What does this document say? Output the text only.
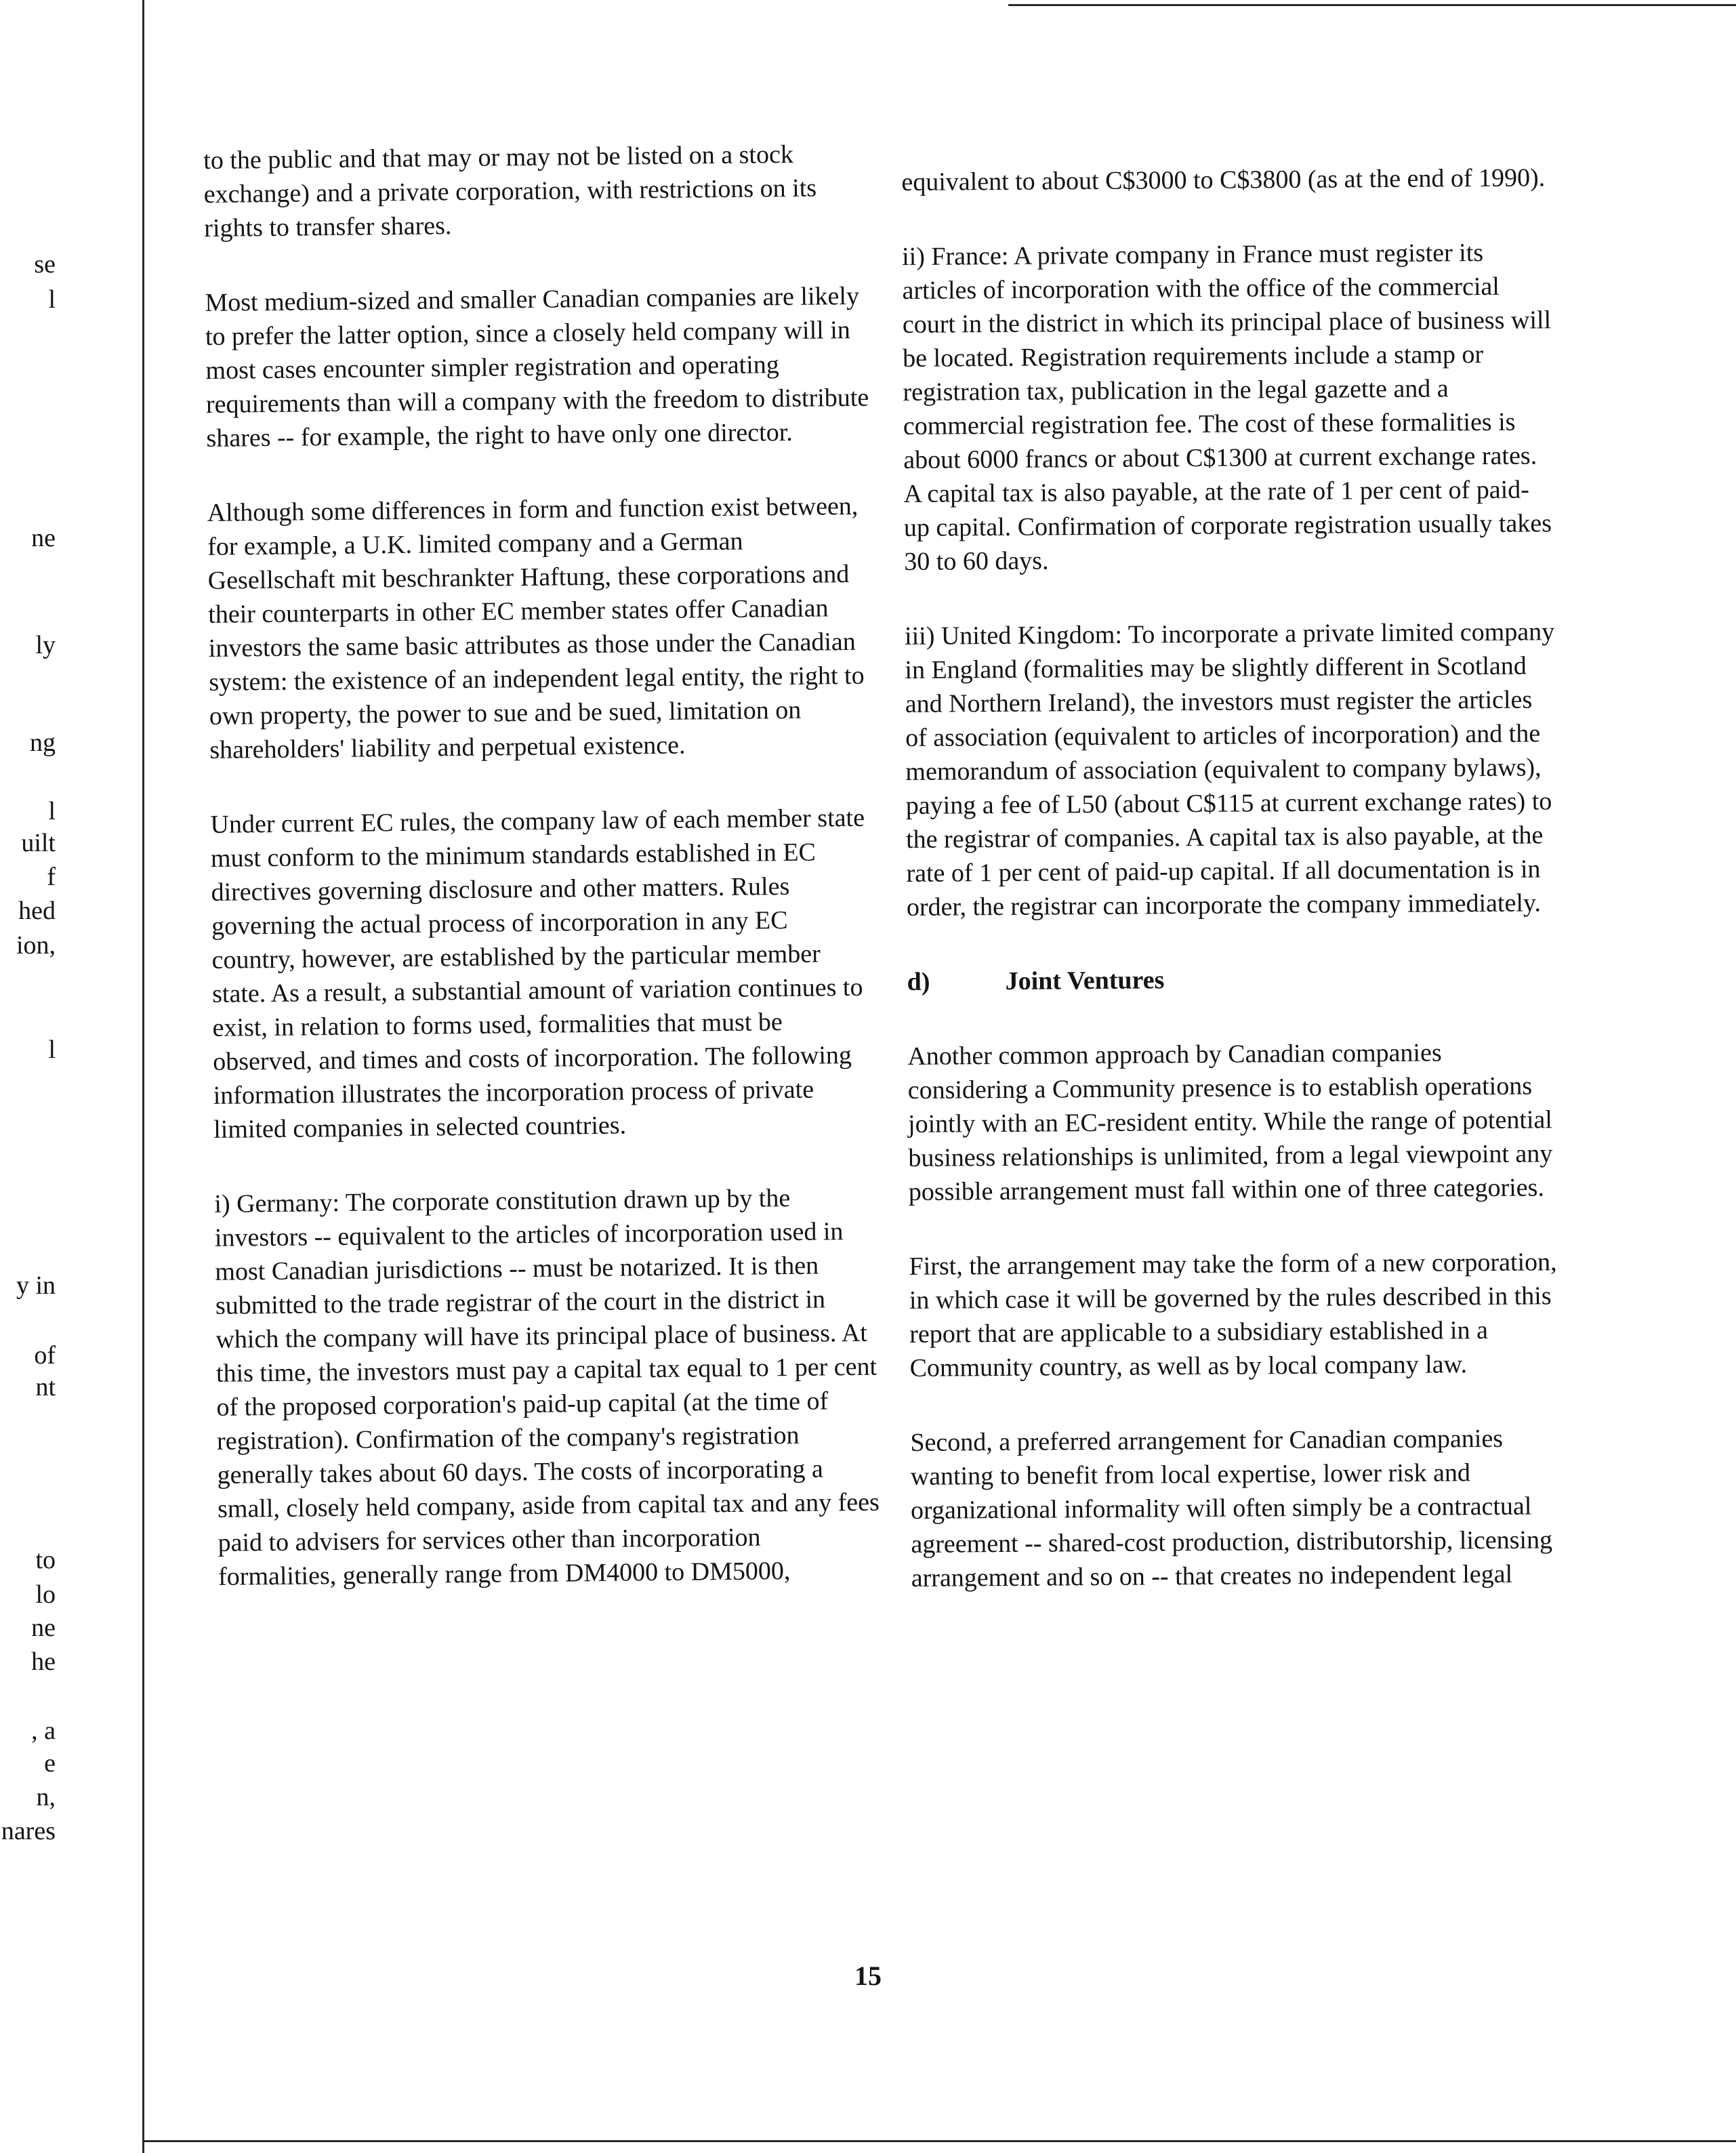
se
l
ne
ly
ng
l
uilt
f
hed
ion,
l
y in
of
nt
to
lo
ne
he
, a
e
n,
nares

to the public and that may or may not be listed on a stock exchange) and a private corporation, with restrictions on its rights to transfer shares.

Most medium-sized and smaller Canadian companies are likely to prefer the latter option, since a closely held company will in most cases encounter simpler registration and operating requirements than will a company with the freedom to distribute shares -- for example, the right to have only one director.

Although some differences in form and function exist between, for example, a U.K. limited company and a German Gesellschaft mit beschrankter Haftung, these corporations and their counterparts in other EC member states offer Canadian investors the same basic attributes as those under the Canadian system: the existence of an independent legal entity, the right to own property, the power to sue and be sued, limitation on shareholders' liability and perpetual existence.

Under current EC rules, the company law of each member state must conform to the minimum standards established in EC directives governing disclosure and other matters. Rules governing the actual process of incorporation in any EC country, however, are established by the particular member state. As a result, a substantial amount of variation continues to exist, in relation to forms used, formalities that must be observed, and times and costs of incorporation. The following information illustrates the incorporation process of private limited companies in selected countries.

i) Germany: The corporate constitution drawn up by the investors -- equivalent to the articles of incorporation used in most Canadian jurisdictions -- must be notarized. It is then submitted to the trade registrar of the court in the district in which the company will have its principal place of business. At this time, the investors must pay a capital tax equal to 1 per cent of the proposed corporation's paid-up capital (at the time of registration). Confirmation of the company's registration generally takes about 60 days. The costs of incorporating a small, closely held company, aside from capital tax and any fees paid to advisers for services other than incorporation formalities, generally range from DM4000 to DM5000,

equivalent to about C$3000 to C$3800 (as at the end of 1990).

ii) France: A private company in France must register its articles of incorporation with the office of the commercial court in the district in which its principal place of business will be located. Registration requirements include a stamp or registration tax, publication in the legal gazette and a commercial registration fee. The cost of these formalities is about 6000 francs or about C$1300 at current exchange rates. A capital tax is also payable, at the rate of 1 per cent of paid-up capital. Confirmation of corporate registration usually takes 30 to 60 days.

iii) United Kingdom: To incorporate a private limited company in England (formalities may be slightly different in Scotland and Northern Ireland), the investors must register the articles of association (equivalent to articles of incorporation) and the memorandum of association (equivalent to company bylaws), paying a fee of L50 (about C$115 at current exchange rates) to the registrar of companies. A capital tax is also payable, at the rate of 1 per cent of paid-up capital. If all documentation is in order, the registrar can incorporate the company immediately.

d)	Joint Ventures

Another common approach by Canadian companies considering a Community presence is to establish operations jointly with an EC-resident entity. While the range of potential business relationships is unlimited, from a legal viewpoint any possible arrangement must fall within one of three categories.

First, the arrangement may take the form of a new corporation, in which case it will be governed by the rules described in this report that are applicable to a subsidiary established in a Community country, as well as by local company law.

Second, a preferred arrangement for Canadian companies wanting to benefit from local expertise, lower risk and organizational informality will often simply be a contractual agreement -- shared-cost production, distributorship, licensing arrangement and so on -- that creates no independent legal

15
